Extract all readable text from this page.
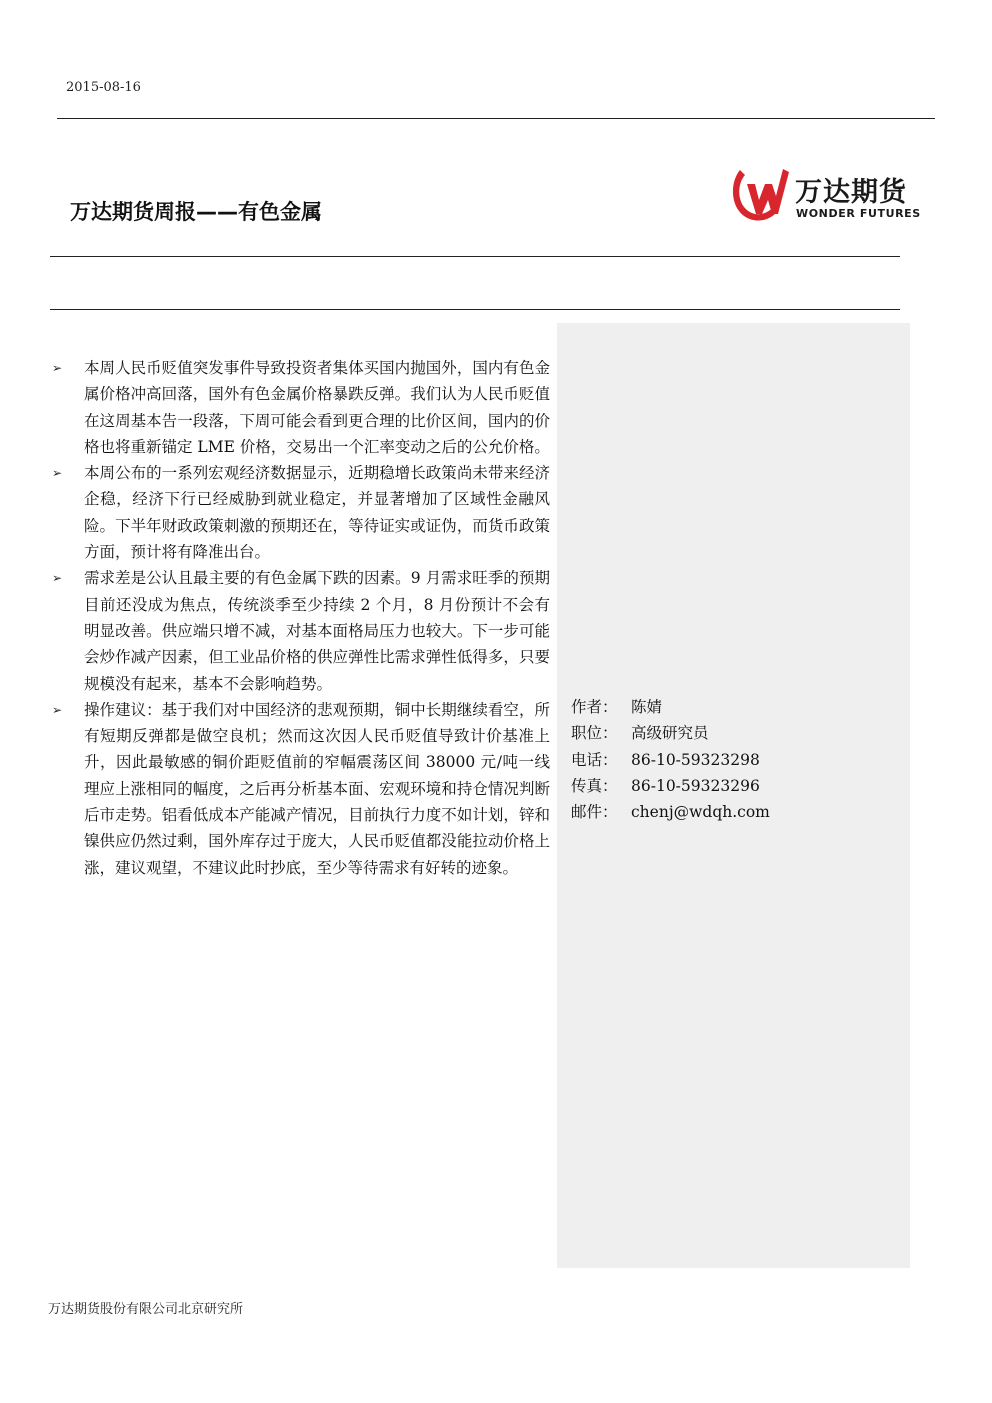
2015-08-16
万达期货周报——有色金属
万达期货
WONDER FUTURES
➢ 本周人民币贬值突发事件导致投资者集体买国内抛国外，国内有色金属价格冲高回落，国外有色金属价格暴跌反弹。我们认为人民币贬值在这周基本告一段落，下周可能会看到更合理的比价区间，国内的价格也将重新锚定 LME 价格，交易出一个汇率变动之后的公允价格。
➢ 本周公布的一系列宏观经济数据显示，近期稳增长政策尚未带来经济企稳，经济下行已经威胁到就业稳定，并显著增加了区域性金融风险。下半年财政政策刺激的预期还在，等待证实或证伪，而货币政策方面，预计将有降准出台。
➢ 需求差是公认且最主要的有色金属下跌的因素。9 月需求旺季的预期目前还没成为焦点，传统淡季至少持续 2 个月，8 月份预计不会有明显改善。供应端只增不减，对基本面格局压力也较大。下一步可能会炒作减产因素，但工业品价格的供应弹性比需求弹性低得多，只要规模没有起来，基本不会影响趋势。
➢ 操作建议：基于我们对中国经济的悲观预期，铜中长期继续看空，所有短期反弹都是做空良机；然而这次因人民币贬值导致计价基准上升，因此最敏感的铜价距贬值前的窄幅震荡区间 38000 元/吨一线理应上涨相同的幅度，之后再分析基本面、宏观环境和持仓情况判断后市走势。铝看低成本产能减产情况，目前执行力度不如计划，锌和镍供应仍然过剩，国外库存过于庞大，人民币贬值都没能拉动价格上涨，建议观望，不建议此时抄底，至少等待需求有好转的迹象。
作者： 陈婧
职位： 高级研究员
电话： 86-10-59323298
传真： 86-10-59323296
邮件： chenj@wdqh.com
万达期货股份有限公司北京研究所
